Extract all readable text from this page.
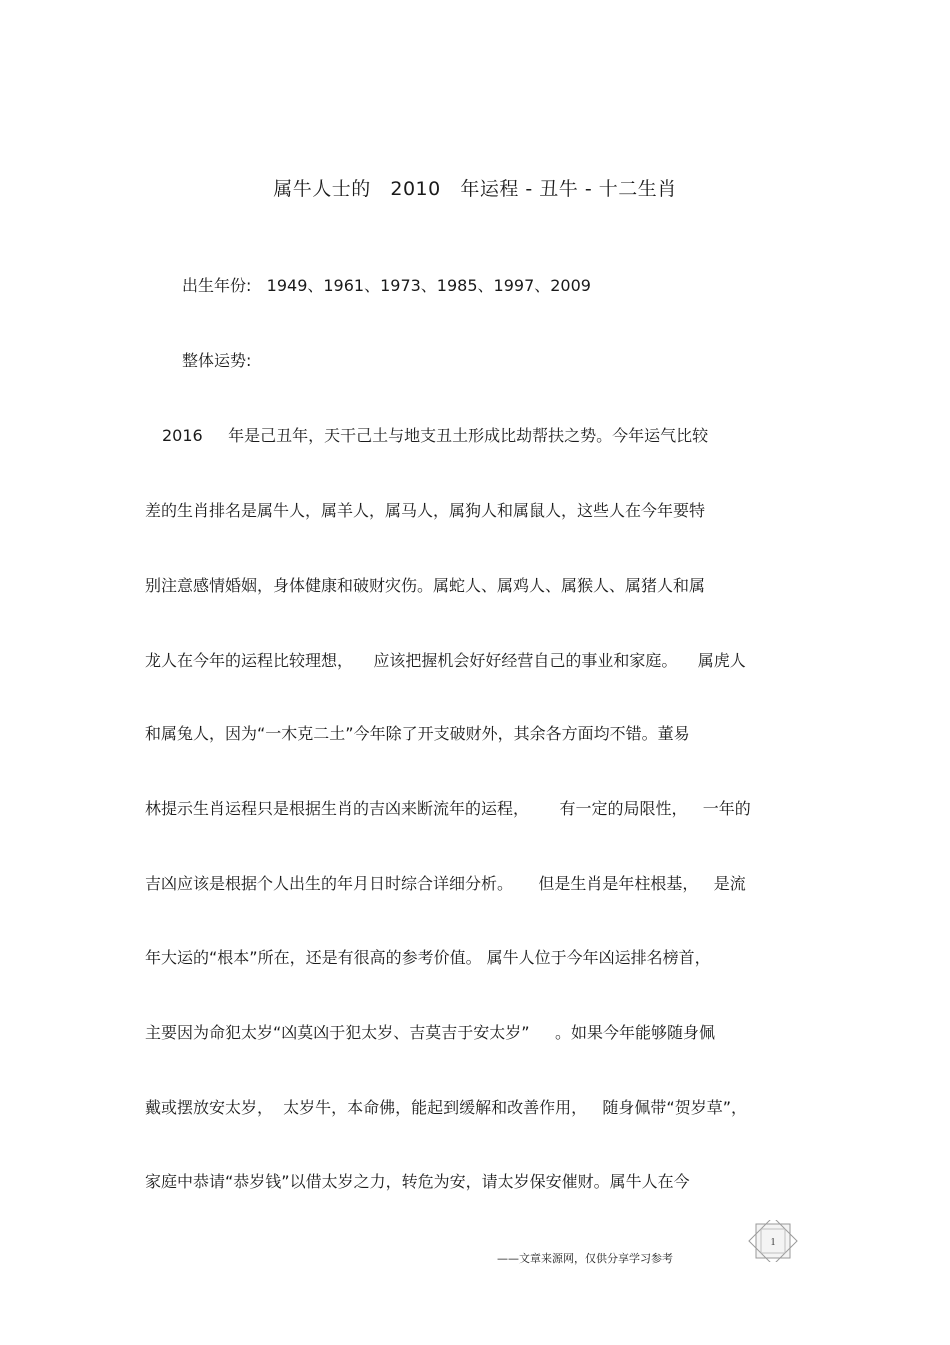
属牛人士的   2010   年运程 - 丑牛 - 十二生肖
出生年份:   1949、1961、1973、1985、1997、2009
整体运势:
2016     年是己丑年，天干己土与地支丑土形成比劫帮扶之势。今年运气比较
差的生肖排名是属牛人，属羊人，属马人，属狗人和属鼠人，这些人在今年要特
别注意感情婚姻，身体健康和破财灾伤。属蛇人、属鸡人、属猴人、属猪人和属
龙人在今年的运程比较理想，    应该把握机会好好经营自己的事业和家庭。    属虎人
和属兔人，因为“一木克二土”今年除了开支破财外，其余各方面均不错。董易
林提示生肖运程只是根据生肖的吉凶来断流年的运程，      有一定的局限性，   一年的
吉凶应该是根据个人出生的年月日时综合详细分析。     但是生肖是年柱根基，   是流
年大运的“根本”所在，还是有很高的参考价值。 属牛人位于今年凶运排名榜首，
主要因为命犯太岁“凶莫凶于犯太岁、吉莫吉于安太岁”     。如果今年能够随身佩
戴或摆放安太岁，  太岁牛，本命佛，能起到缓解和改善作用，   随身佩带“贺岁草”，
家庭中恭请“恭岁钱”以借太岁之力，转危为安，请太岁保安催财。属牛人在今
——文章来源网，仅供分享学习参考
1
